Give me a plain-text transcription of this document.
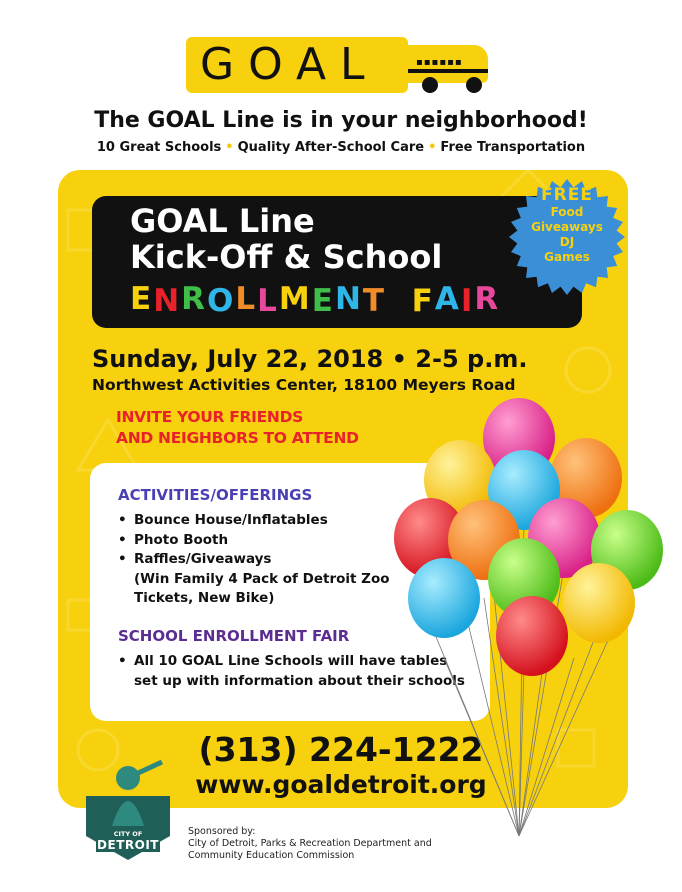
GOAL	▪▪▪▪▪▪
The GOAL Line is in your neighborhood!
10 Great Schools • Quality After-School Care • Free Transportation
GOAL Line
Kick-Off & School
ENROLLMENT FAIR
FREE
Food
Giveaways
DJ
Games
Sunday, July 22, 2018 • 2-5 p.m.
Northwest Activities Center, 18100 Meyers Road
INVITE YOUR FRIENDS
AND NEIGHBORS TO ATTEND
ACTIVITIES/OFFERINGS
• Bounce House/Inflatables
• Photo Booth
• Raffles/Giveaways
(Win Family 4 Pack of Detroit Zoo
Tickets, New Bike)
SCHOOL ENROLLMENT FAIR
• All 10 GOAL Line Schools will have tables
set up with information about their schools
(313) 224-1222
www.goaldetroit.org
CITY OF
DETROIT
Sponsored by:
City of Detroit, Parks & Recreation Department and
Community Education Commission
